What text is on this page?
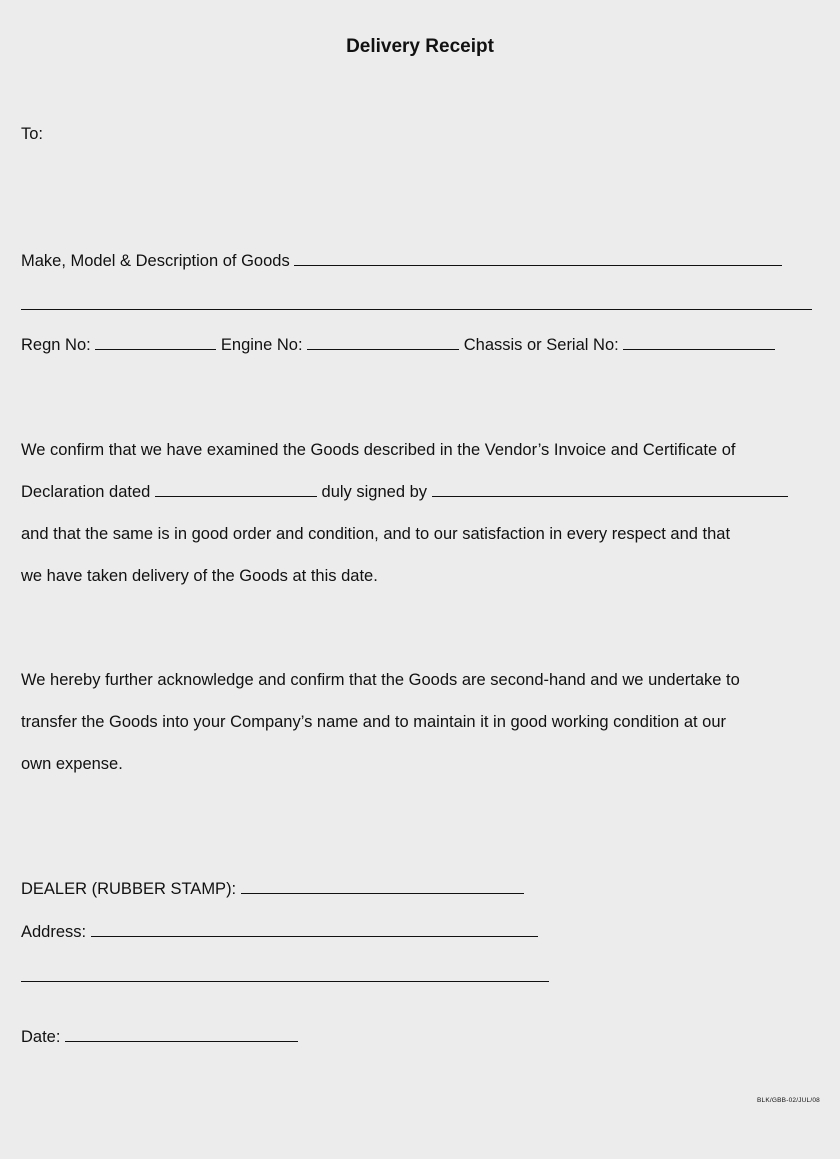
Delivery Receipt
To:
Make, Model & Description of Goods
Regn No:	Engine No:	Chassis or Serial No:
We confirm that we have examined the Goods described in the Vendor’s Invoice and Certificate of
Declaration dated	duly signed by
and that the same is in good order and condition, and to our satisfaction in every respect and that
we have taken delivery of the Goods at this date.
We hereby further acknowledge and confirm that the Goods are second-hand and we undertake to
transfer the Goods into your Company’s name and to maintain it in good working condition at our
own expense.
DEALER (RUBBER STAMP):
Address:
Date:
BLK/GBB-02/JUL/08
